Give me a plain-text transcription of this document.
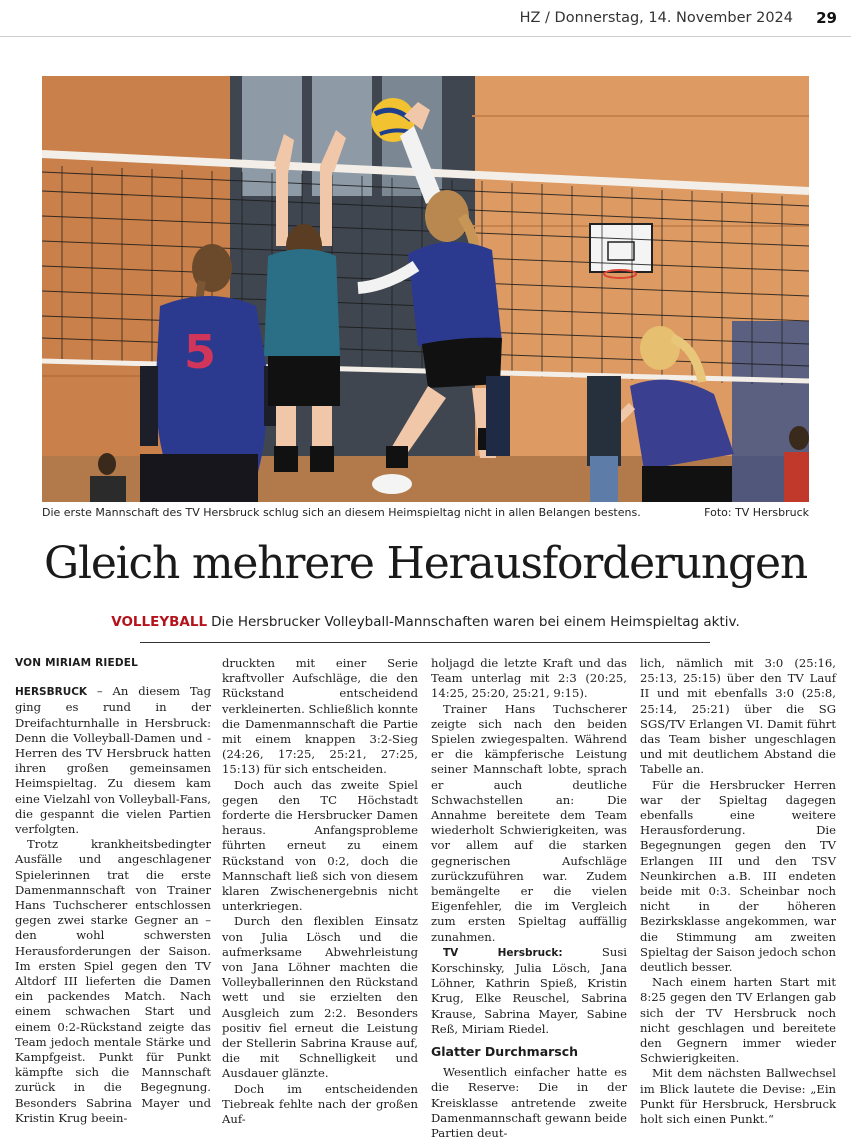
HZ / Donnerstag, 14. November 2024 29
5
Die erste Mannschaft des TV Hersbruck schlug sich an diesem Heimspieltag nicht in allen Belangen bestens.	Foto: TV Hersbruck
Gleich mehrere Herausforderungen
VOLLEYBALL Die Hersbrucker Volleyball-Mannschaften waren bei einem Heimspieltag aktiv.
VON MIRIAM RIEDEL

HERSBRUCK – An diesem Tag ging es rund in der Dreifachturnhalle in Hersbruck: Denn die Volleyball-Damen und -Herren des TV Hersbruck hatten ihren großen gemeinsamen Heimspieltag. Zu diesem kam eine Vielzahl von Volleyball-Fans, die gespannt die vielen Partien verfolgten.

Trotz krankheitsbedingter Ausfälle und angeschlagener Spielerinnen trat die erste Damenmannschaft von Trainer Hans Tuchscherer entschlossen gegen zwei starke Gegner an – den wohl schwersten Herausforderungen der Saison. Im ersten Spiel gegen den TV Altdorf III lieferten die Damen ein packendes Match. Nach einem schwachen Start und einem 0:2-Rückstand zeigte das Team jedoch mentale Stärke und Kampfgeist. Punkt für Punkt kämpfte sich die Mannschaft zurück in die Begegnung. Besonders Sabrina Mayer und Kristin Krug beein-

druckten mit einer Serie kraftvoller Aufschläge, die den Rückstand entscheidend verkleinerten. Schließlich konnte die Damenmannschaft die Partie mit einem knappen 3:2-Sieg (24:26, 17:25, 25:21, 27:25, 15:13) für sich entscheiden.

Doch auch das zweite Spiel gegen den TC Höchstadt forderte die Hersbrucker Damen heraus. Anfangsprobleme führten erneut zu einem Rückstand von 0:2, doch die Mannschaft ließ sich von diesem klaren Zwischenergebnis nicht unterkriegen.

Durch den flexiblen Einsatz von Julia Lösch und die aufmerksame Abwehrleistung von Jana Löhner machten die Volleyballerinnen den Rückstand wett und sie erzielten den Ausgleich zum 2:2. Besonders positiv fiel erneut die Leistung der Stellerin Sabrina Krause auf, die mit Schnelligkeit und Ausdauer glänzte.

Doch im entscheidenden Tiebreak fehlte nach der großen Auf-

holjagd die letzte Kraft und das Team unterlag mit 2:3 (20:25, 14:25, 25:20, 25:21, 9:15).

Trainer Hans Tuchscherer zeigte sich nach den beiden Spielen zwiegespalten. Während er die kämpferische Leistung seiner Mannschaft lobte, sprach er auch deutliche Schwachstellen an: Die Annahme bereitete dem Team wiederholt Schwierigkeiten, was vor allem auf die starken gegnerischen Aufschläge zurückzuführen war. Zudem bemängelte er die vielen Eigenfehler, die im Vergleich zum ersten Spieltag auffällig zunahmen.

TV Hersbruck: Susi Korschinsky, Julia Lösch, Jana Löhner, Kathrin Spieß, Kristin Krug, Elke Reuschel, Sabrina Krause, Sabrina Mayer, Sabine Reß, Miriam Riedel.

Glatter Durchmarsch

Wesentlich einfacher hatte es die Reserve: Die in der Kreisklasse antretende zweite Damenmannschaft gewann beide Partien deut-

lich, nämlich mit 3:0 (25:16, 25:13, 25:15) über den TV Lauf II und mit ebenfalls 3:0 (25:8, 25:14, 25:21) über die SG SGS/TV Erlangen VI. Damit führt das Team bisher ungeschlagen und mit deutlichem Abstand die Tabelle an.

Für die Hersbrucker Herren war der Spieltag dagegen ebenfalls eine weitere Herausforderung. Die Begegnungen gegen den TV Erlangen III und den TSV Neunkirchen a.B. III endeten beide mit 0:3. Scheinbar noch nicht in der höheren Bezirksklasse angekommen, war die Stimmung am zweiten Spieltag der Saison jedoch schon deutlich besser.

Nach einem harten Start mit 8:25 gegen den TV Erlangen gab sich der TV Hersbruck noch nicht geschlagen und bereitete den Gegnern immer wieder Schwierigkeiten.

Mit dem nächsten Ballwechsel im Blick lautete die Devise: „Ein Punkt für Hersbruck, Hersbruck holt sich einen Punkt.“
